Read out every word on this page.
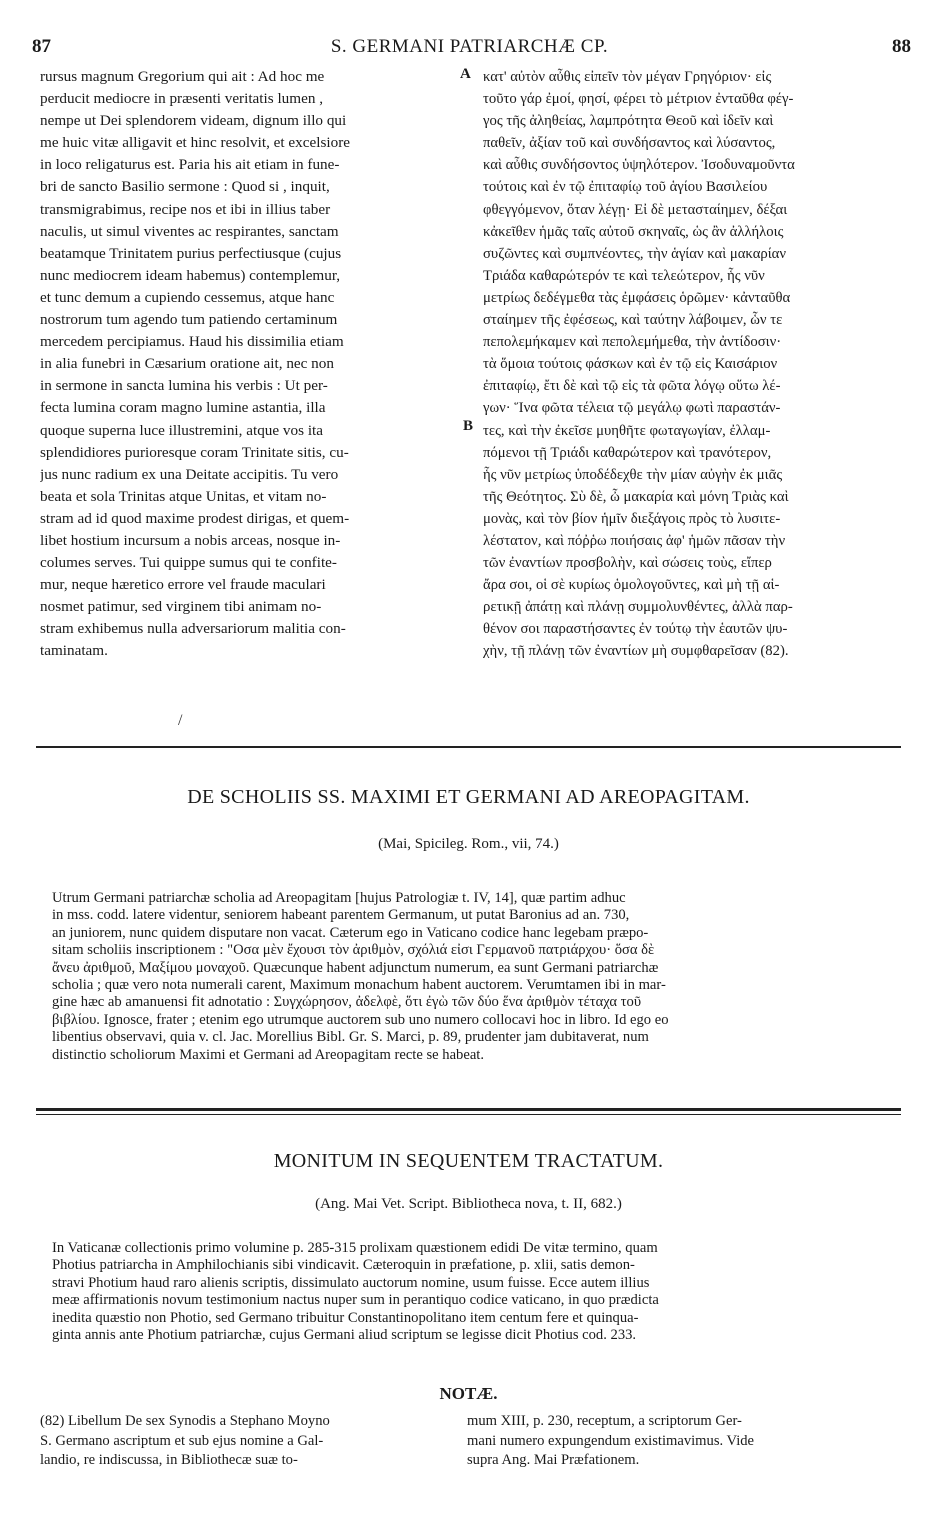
87	S. GERMANI PATRIARCHÆ CP.	88
A
B
rursus magnum Gregorium qui ait : Ad hoc me
perducit mediocre in præsenti veritatis lumen ,
nempe ut Dei splendorem videam, dignum illo qui
me huic vitæ alligavit et hinc resolvit, et excelsiore
in loco religaturus est. Paria his ait etiam in fune-
bri de sancto Basilio sermone : Quod si , inquit,
transmigrabimus, recipe nos et ibi in illius taber
naculis, ut simul viventes ac respirantes, sanctam
beatamque Trinitatem purius perfectiusque (cujus
nunc mediocrem ideam habemus) contemplemur,
et tunc demum a cupiendo cessemus, atque hanc
nostrorum tum agendo tum patiendo certaminum
mercedem percipiamus. Haud his dissimilia etiam
in alia funebri in Cæsarium oratione ait, nec non
in sermone in sancta lumina his verbis : Ut per-
fecta lumina coram magno lumine astantia, illa
quoque superna luce illustremini, atque vos ita
splendidiores purioresque coram Trinitate sitis, cu-
jus nunc radium ex una Deitate accipitis. Tu vero
beata et sola Trinitas atque Unitas, et vitam no-
stram ad id quod maxime prodest dirigas, et quem-
libet hostium incursum a nobis arceas, nosque in-
columes serves. Tui quippe sumus qui te confite-
mur, neque hæretico errore vel fraude maculari
nosmet patimur, sed virginem tibi animam no-
stram exhibemus nulla adversariorum malitia con-
taminatam.
κατ' αὐτὸν αὖθις εἰπεῖν τὸν μέγαν Γρηγόριον· εἰς
τοῦτο γάρ ἐμοί, φησί, φέρει τὸ μέτριον ἐνταῦθα φέγ-
γος τῆς ἀληθείας, λαμπρότητα Θεοῦ καὶ ἰδεῖν καὶ
παθεῖν, ἀξίαν τοῦ καὶ συνδήσαντος καὶ λύσαντος,
καὶ αὖθις συνδήσοντος ὑψηλότερον. Ἰσοδυναμοῦντα
τούτοις καὶ ἐν τῷ ἐπιταφίῳ τοῦ ἁγίου Βασιλείου
φθεγγόμενον, ὅταν λέγῃ· Εἰ δὲ μετασταίημεν, δέξαι
κἀκεῖθεν ἡμᾶς ταῖς αὐτοῦ σκηναῖς, ὡς ἂν ἀλλήλοις
συζῶντες καὶ συμπνέοντες, τὴν ἁγίαν καὶ μακαρίαν
Τριάδα καθαρώτερόν τε καὶ τελεώτερον, ἧς νῦν
μετρίως δεδέγμεθα τὰς ἐμφάσεις ὁρῶμεν· κἀνταῦθα
σταίημεν τῆς ἐφέσεως, καὶ ταύτην λάβοιμεν, ὧν τε
πεπολεμήκαμεν καὶ πεπολεμήμεθα, τὴν ἀντίδοσιν·
τὰ ὅμοια τούτοις φάσκων καὶ ἐν τῷ εἰς Καισάριον
ἐπιταφίῳ, ἔτι δὲ καὶ τῷ εἰς τὰ φῶτα λόγῳ οὕτω λέ-
γων· Ἵνα φῶτα τέλεια τῷ μεγάλῳ φωτὶ παραστάν-
τες, καὶ τὴν ἐκεῖσε μυηθῆτε φωταγωγίαν, ἐλλαμ-
πόμενοι τῇ Τριάδι καθαρώτερον καὶ τρανότερον,
ἧς νῦν μετρίως ὑποδέδεχθε τὴν μίαν αὐγὴν ἐκ μιᾶς
τῆς Θεότητος. Σὺ δὲ, ὦ μακαρία καὶ μόνη Τριὰς καὶ
μονὰς, καὶ τὸν βίον ἡμῖν διεξάγοις πρὸς τὸ λυσιτε-
λέστατον, καὶ πόῤῥω ποιήσαις ἀφ' ἡμῶν πᾶσαν τὴν
τῶν ἐναντίων προσβολὴν, καὶ σώσεις τοὺς, εἴπερ
ἄρα σοι, οἱ σὲ κυρίως ὁμολογοῦντες, καὶ μὴ τῇ αἱ-
ρετικῇ ἀπάτῃ καὶ πλάνῃ συμμολυνθέντες, ἀλλὰ παρ-
θένον σοι παραστήσαντες ἐν τούτῳ τὴν ἑαυτῶν ψυ-
χὴν, τῇ πλάνῃ τῶν ἐναντίων μὴ συμφθαρεῖσαν (82).
/
DE SCHOLIIS SS. MAXIMI ET GERMANI AD AREOPAGITAM.
(Mai, Spicileg. Rom., vii, 74.)
Utrum Germani patriarchæ scholia ad Areopagitam [hujus Patrologiæ t. IV, 14], quæ partim adhuc
in mss. codd. latere videntur, seniorem habeant parentem Germanum, ut putat Baronius ad an. 730,
an juniorem, nunc quidem disputare non vacat. Cæterum ego in Vaticano codice hanc legebam præpo-
sitam scholiis inscriptionem : "Οσα μὲν ἔχουσι τὸν ἀριθμὸν, σχόλιά εἰσι Γερμανοῦ πατριάρχου· ὅσα δὲ
ἄνευ ἀριθμοῦ, Μαξίμου μοναχοῦ. Quæcunque habent adjunctum numerum, ea sunt Germani patriarchæ
scholia ; quæ vero nota numerali carent, Maximum monachum habent auctorem. Verumtamen ibi in mar-
gine hæc ab amanuensi fit adnotatio : Συγχώρησον, ἀδελφὲ, ὅτι ἐγὼ τῶν δύο ἕνα ἀριθμὸν τέταχα τοῦ
βιβλίου. Ignosce, frater ; etenim ego utrumque auctorem sub uno numero collocavi hoc in libro. Id ego eo
libentius observavi, quia v. cl. Jac. Morellius Bibl. Gr. S. Marci, p. 89, prudenter jam dubitaverat, num
distinctio scholiorum Maximi et Germani ad Areopagitam recte se habeat.
MONITUM IN SEQUENTEM TRACTATUM.
(Ang. Mai Vet. Script. Bibliotheca nova, t. II, 682.)
In Vaticanæ collectionis primo volumine p. 285-315 prolixam quæstionem edidi De vitæ termino, quam
Photius patriarcha in Amphilochianis sibi vindicavit. Cæteroquin in præfatione, p. xlii, satis demon-
stravi Photium haud raro alienis scriptis, dissimulato auctorum nomine, usum fuisse. Ecce autem illius
meæ affirmationis novum testimonium nactus nuper sum in perantiquo codice vaticano, in quo prædicta
inedita quæstio non Photio, sed Germano tribuitur Constantinopolitano item centum fere et quinqua-
ginta annis ante Photium patriarchæ, cujus Germani aliud scriptum se legisse dicit Photius cod. 233.
NOTÆ.
(82) Libellum De sex Synodis a Stephano Moyno
S. Germano ascriptum et sub ejus nomine a Gal-
landio, re indiscussa, in Bibliothecæ suæ to-
mum XIII, p. 230, receptum, a scriptorum Ger-
mani numero expungendum existimavimus. Vide
supra Ang. Mai Præfationem.
